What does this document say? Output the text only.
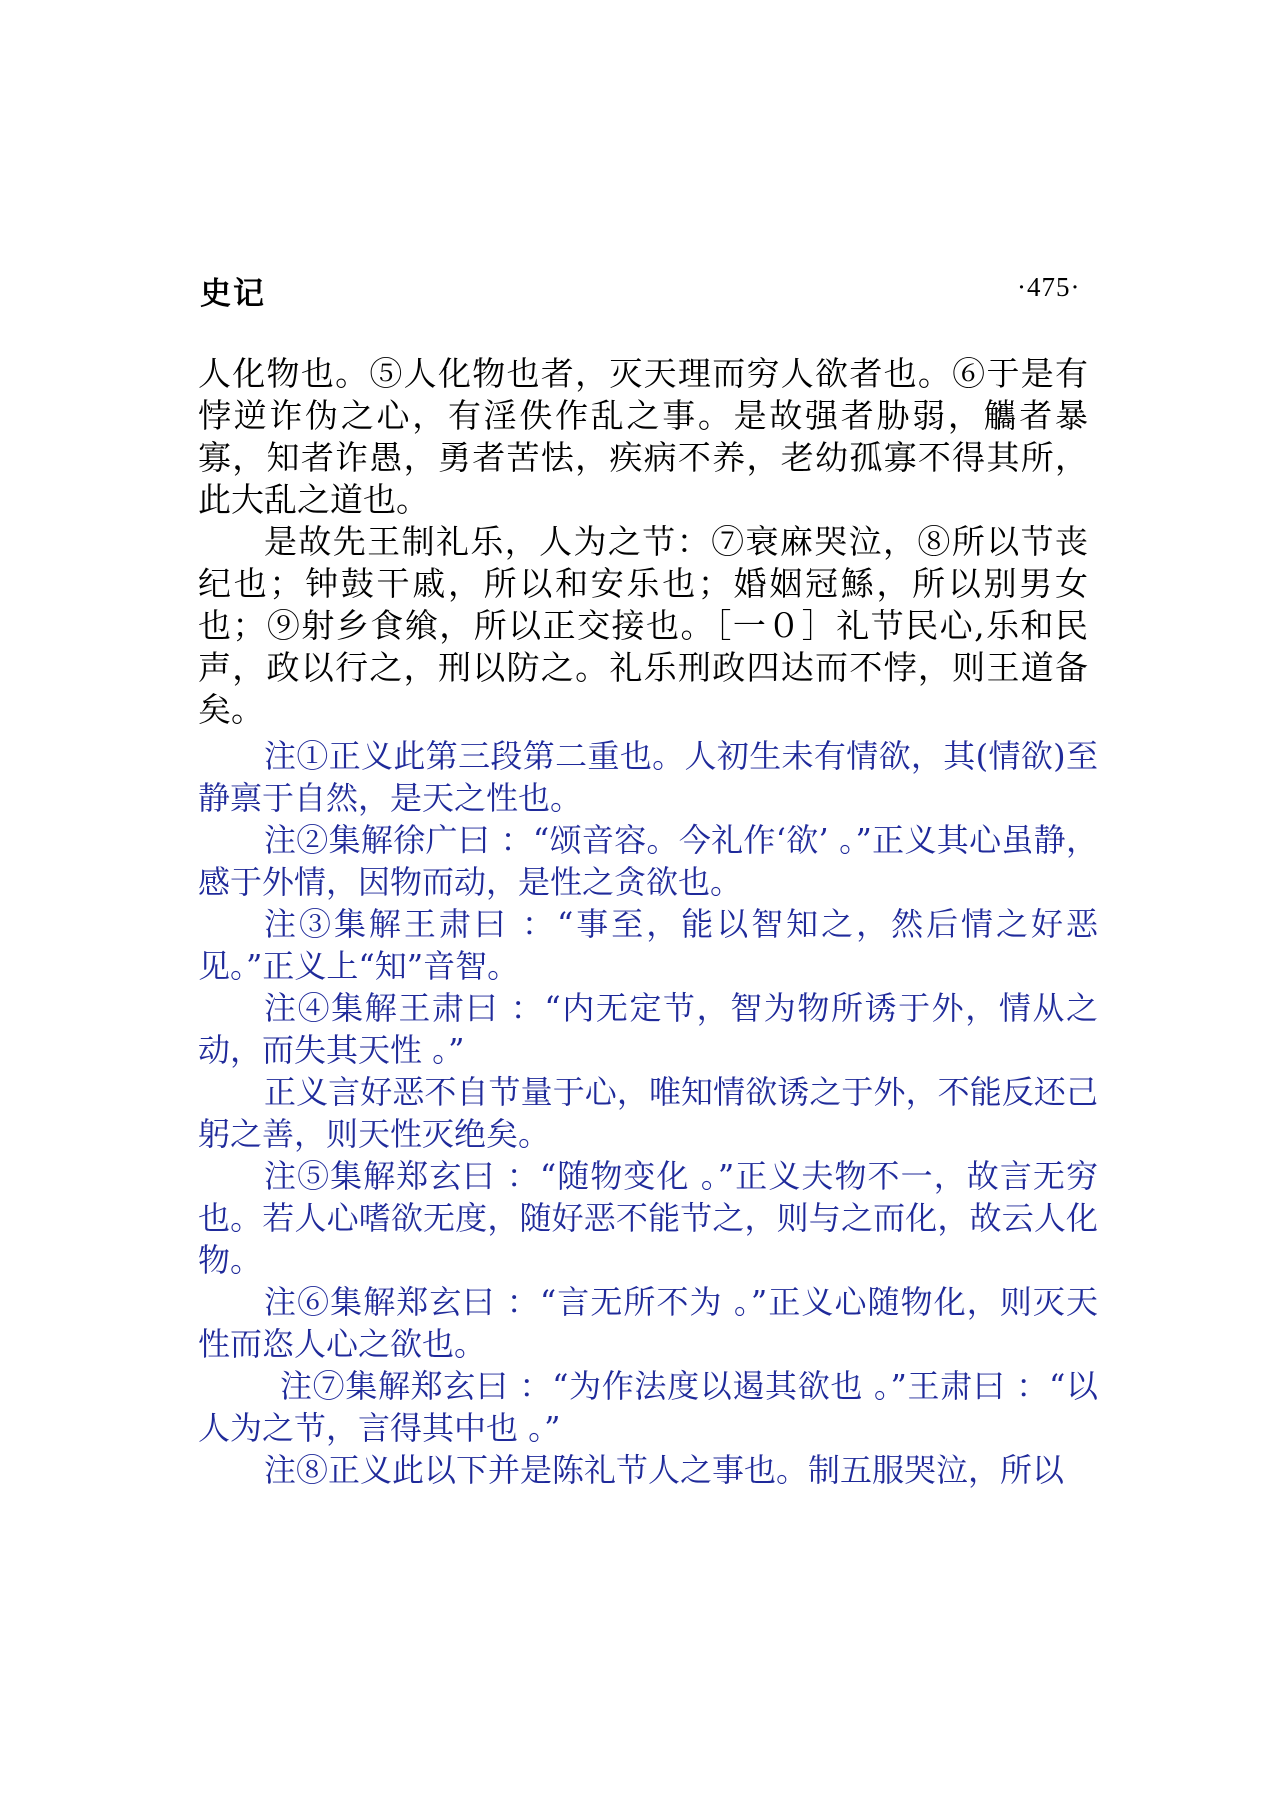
史记	·475·

人化物也。⑤人化物也者，灭天理而穷人欲者也。⑥于是有悖逆诈伪之心，有淫佚作乱之事。是故强者胁弱，觿者暴寡，知者诈愚，勇者苦怯，疾病不养，老幼孤寡不得其所，此大乱之道也。

是故先王制礼乐，人为之节：⑦衰麻哭泣，⑧所以节丧纪也；钟鼓干戚，所以和安乐也；婚姻冠鯀，所以别男女也；⑨射乡食飨，所以正交接也。［一０］礼节民心,乐和民声，政以行之，刑以防之。礼乐刑政四达而不悖，则王道备矣。

注①正义此第三段第二重也。人初生未有情欲，其(情欲)至静禀于自然，是天之性也。

注②集解徐广曰 ：“颂音容。今礼作‘欲’ 。”正义其心虽静，感于外情，因物而动，是性之贪欲也。

注③集解王肃曰 ：“事至，能以智知之，然后情之好恶见。”正义上“知”音智。

注④集解王肃曰 ：“内无定节，智为物所诱于外，情从之动，而失其天性 。”

正义言好恶不自节量于心，唯知情欲诱之于外，不能反还己躬之善，则天性灭绝矣。

注⑤集解郑玄曰 ：“随物变化 。”正义夫物不一，故言无穷也。若人心嗜欲无度，随好恶不能节之，则与之而化，故云人化物。

注⑥集解郑玄曰 ：“言无所不为 。”正义心随物化，则灭天性而恣人心之欲也。

注⑦集解郑玄曰 ：“为作法度以遏其欲也 。”王肃曰 ：“以人为之节，言得其中也 。”

注⑧正义此以下并是陈礼节人之事也。制五服哭泣，所以
